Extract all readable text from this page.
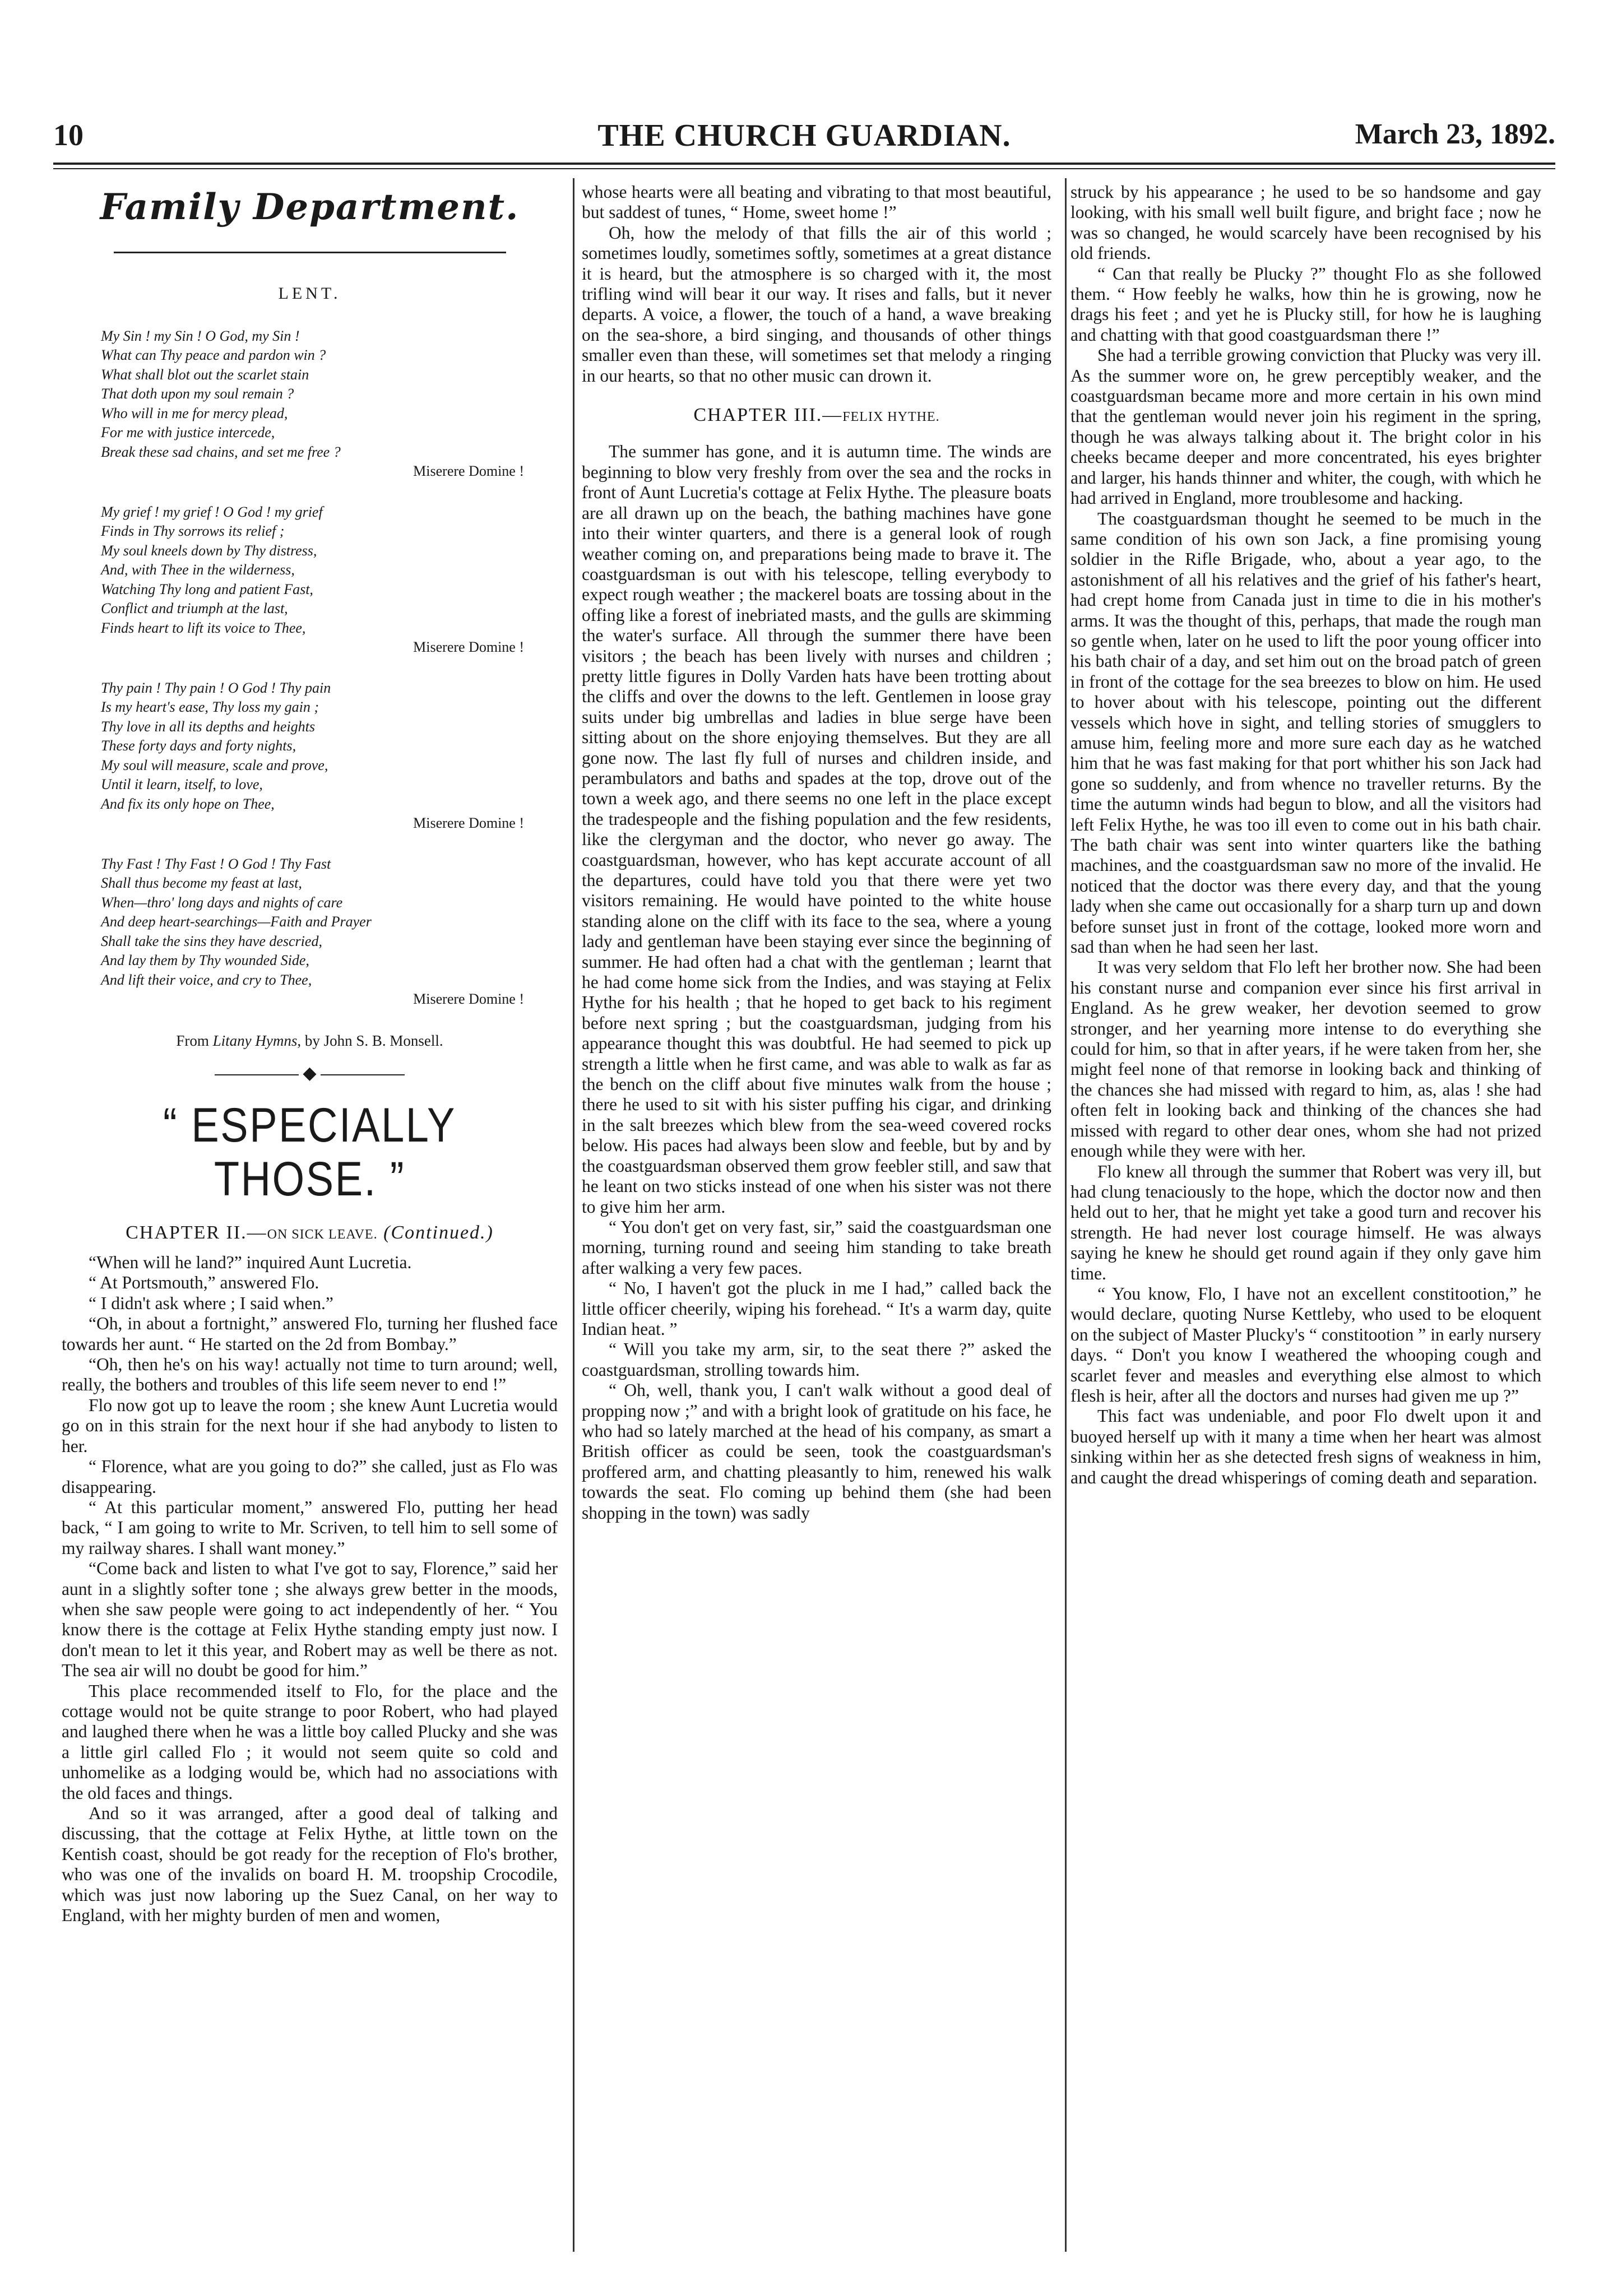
10	THE CHURCH GUARDIAN.	March 23, 1892.
Family Department.
LENT.
My Sin ! my Sin ! O God, my Sin !
What can Thy peace and pardon win ?
What shall blot out the scarlet stain
That doth upon my soul remain ?
Who will in me for mercy plead,
For me with justice intercede,
Break these sad chains, and set me free ?
Miserere Domine !
My grief ! my grief ! O God ! my grief
Finds in Thy sorrows its relief ;
My soul kneels down by Thy distress,
And, with Thee in the wilderness,
Watching Thy long and patient Fast,
Conflict and triumph at the last,
Finds heart to lift its voice to Thee,
Miserere Domine !
Thy pain ! Thy pain ! O God ! Thy pain
Is my heart's ease, Thy loss my gain ;
Thy love in all its depths and heights
These forty days and forty nights,
My soul will measure, scale and prove,
Until it learn, itself, to love,
And fix its only hope on Thee,
Miserere Domine !
Thy Fast ! Thy Fast ! O God ! Thy Fast
Shall thus become my feast at last,
When—thro' long days and nights of care
And deep heart-searchings—Faith and Prayer
Shall take the sins they have descried,
And lay them by Thy wounded Side,
And lift their voice, and cry to Thee,
Miserere Domine !
From Litany Hymns, by John S. B. Monsell.
◆
“ ESPECIALLY THOSE. ”
CHAPTER II.—ON SICK LEAVE. (Continued.)

“When will he land?” inquired Aunt Lucretia.

“ At Portsmouth,” answered Flo.

“ I didn't ask where ; I said when.”

“Oh, in about a fortnight,” answered Flo, turning her flushed face towards her aunt. “ He started on the 2d from Bombay.”

“Oh, then he's on his way! actually not time to turn around; well, really, the bothers and troubles of this life seem never to end !”

Flo now got up to leave the room ; she knew Aunt Lucretia would go on in this strain for the next hour if she had anybody to listen to her.

“ Florence, what are you going to do?” she called, just as Flo was disappearing.

“ At this particular moment,” answered Flo, putting her head back, “ I am going to write to Mr. Scriven, to tell him to sell some of my railway shares. I shall want money.”

“Come back and listen to what I've got to say, Florence,” said her aunt in a slightly softer tone ; she always grew better in the moods, when she saw people were going to act independently of her. “ You know there is the cottage at Felix Hythe standing empty just now. I don't mean to let it this year, and Robert may as well be there as not. The sea air will no doubt be good for him.”

This place recommended itself to Flo, for the place and the cottage would not be quite strange to poor Robert, who had played and laughed there when he was a little boy called Plucky and she was a little girl called Flo ; it would not seem quite so cold and unhomelike as a lodging would be, which had no associations with the old faces and things.

And so it was arranged, after a good deal of talking and discussing, that the cottage at Felix Hythe, at little town on the Kentish coast, should be got ready for the reception of Flo's brother, who was one of the invalids on board H. M. troopship Crocodile, which was just now laboring up the Suez Canal, on her way to England, with her mighty burden of men and women,

whose hearts were all beating and vibrating to that most beautiful, but saddest of tunes, “ Home, sweet home !”

Oh, how the melody of that fills the air of this world ; sometimes loudly, sometimes softly, sometimes at a great distance it is heard, but the atmosphere is so charged with it, the most trifling wind will bear it our way. It rises and falls, but it never departs. A voice, a flower, the touch of a hand, a wave breaking on the sea-shore, a bird singing, and thousands of other things smaller even than these, will sometimes set that melody a ringing in our hearts, so that no other music can drown it.

CHAPTER III.—FELIX HYTHE.

The summer has gone, and it is autumn time. The winds are beginning to blow very freshly from over the sea and the rocks in front of Aunt Lucretia's cottage at Felix Hythe. The pleasure boats are all drawn up on the beach, the bathing machines have gone into their winter quarters, and there is a general look of rough weather coming on, and preparations being made to brave it. The coastguardsman is out with his telescope, telling everybody to expect rough weather ; the mackerel boats are tossing about in the offing like a forest of inebriated masts, and the gulls are skimming the water's surface. All through the summer there have been visitors ; the beach has been lively with nurses and children ; pretty little figures in Dolly Varden hats have been trotting about the cliffs and over the downs to the left. Gentlemen in loose gray suits under big umbrellas and ladies in blue serge have been sitting about on the shore enjoying themselves. But they are all gone now. The last fly full of nurses and children inside, and perambulators and baths and spades at the top, drove out of the town a week ago, and there seems no one left in the place except the tradespeople and the fishing population and the few residents, like the clergyman and the doctor, who never go away. The coastguardsman, however, who has kept accurate account of all the departures, could have told you that there were yet two visitors remaining. He would have pointed to the white house standing alone on the cliff with its face to the sea, where a young lady and gentleman have been staying ever since the beginning of summer. He had often had a chat with the gentleman ; learnt that he had come home sick from the Indies, and was staying at Felix Hythe for his health ; that he hoped to get back to his regiment before next spring ; but the coastguardsman, judging from his appearance thought this was doubtful. He had seemed to pick up strength a little when he first came, and was able to walk as far as the bench on the cliff about five minutes walk from the house ; there he used to sit with his sister puffing his cigar, and drinking in the salt breezes which blew from the sea-weed covered rocks below. His paces had always been slow and feeble, but by and by the coastguardsman observed them grow feebler still, and saw that he leant on two sticks instead of one when his sister was not there to give him her arm.

“ You don't get on very fast, sir,” said the coastguardsman one morning, turning round and seeing him standing to take breath after walking a very few paces.

“ No, I haven't got the pluck in me I had,” called back the little officer cheerily, wiping his forehead. “ It's a warm day, quite Indian heat. ”

“ Will you take my arm, sir, to the seat there ?” asked the coastguardsman, strolling towards him.

“ Oh, well, thank you, I can't walk without a good deal of propping now ;” and with a bright look of gratitude on his face, he who had so lately marched at the head of his company, as smart a British officer as could be seen, took the coastguardsman's proffered arm, and chatting pleasantly to him, renewed his walk towards the seat. Flo coming up behind them (she had been shopping in the town) was sadly

struck by his appearance ; he used to be so handsome and gay looking, with his small well built figure, and bright face ; now he was so changed, he would scarcely have been recognised by his old friends.

“ Can that really be Plucky ?” thought Flo as she followed them. “ How feebly he walks, how thin he is growing, now he drags his feet ; and yet he is Plucky still, for how he is laughing and chatting with that good coastguardsman there !”

She had a terrible growing conviction that Plucky was very ill. As the summer wore on, he grew perceptibly weaker, and the coastguardsman became more and more certain in his own mind that the gentleman would never join his regiment in the spring, though he was always talking about it. The bright color in his cheeks became deeper and more concentrated, his eyes brighter and larger, his hands thinner and whiter, the cough, with which he had arrived in England, more troublesome and hacking.

The coastguardsman thought he seemed to be much in the same condition of his own son Jack, a fine promising young soldier in the Rifle Brigade, who, about a year ago, to the astonishment of all his relatives and the grief of his father's heart, had crept home from Canada just in time to die in his mother's arms. It was the thought of this, perhaps, that made the rough man so gentle when, later on he used to lift the poor young officer into his bath chair of a day, and set him out on the broad patch of green in front of the cottage for the sea breezes to blow on him. He used to hover about with his telescope, pointing out the different vessels which hove in sight, and telling stories of smugglers to amuse him, feeling more and more sure each day as he watched him that he was fast making for that port whither his son Jack had gone so suddenly, and from whence no traveller returns. By the time the autumn winds had begun to blow, and all the visitors had left Felix Hythe, he was too ill even to come out in his bath chair. The bath chair was sent into winter quarters like the bathing machines, and the coastguardsman saw no more of the invalid. He noticed that the doctor was there every day, and that the young lady when she came out occasionally for a sharp turn up and down before sunset just in front of the cottage, looked more worn and sad than when he had seen her last.

It was very seldom that Flo left her brother now. She had been his constant nurse and companion ever since his first arrival in England. As he grew weaker, her devotion seemed to grow stronger, and her yearning more intense to do everything she could for him, so that in after years, if he were taken from her, she might feel none of that remorse in looking back and thinking of the chances she had missed with regard to him, as, alas ! she had often felt in looking back and thinking of the chances she had missed with regard to other dear ones, whom she had not prized enough while they were with her.

Flo knew all through the summer that Robert was very ill, but had clung tenaciously to the hope, which the doctor now and then held out to her, that he might yet take a good turn and recover his strength. He had never lost courage himself. He was always saying he knew he should get round again if they only gave him time.

“ You know, Flo, I have not an excellent constitootion,” he would declare, quoting Nurse Kettleby, who used to be eloquent on the subject of Master Plucky's “ constitootion ” in early nursery days. “ Don't you know I weathered the whooping cough and scarlet fever and measles and everything else almost to which flesh is heir, after all the doctors and nurses had given me up ?”

This fact was undeniable, and poor Flo dwelt upon it and buoyed herself up with it many a time when her heart was almost sinking within her as she detected fresh signs of weakness in him, and caught the dread whisperings of coming death and separation.
